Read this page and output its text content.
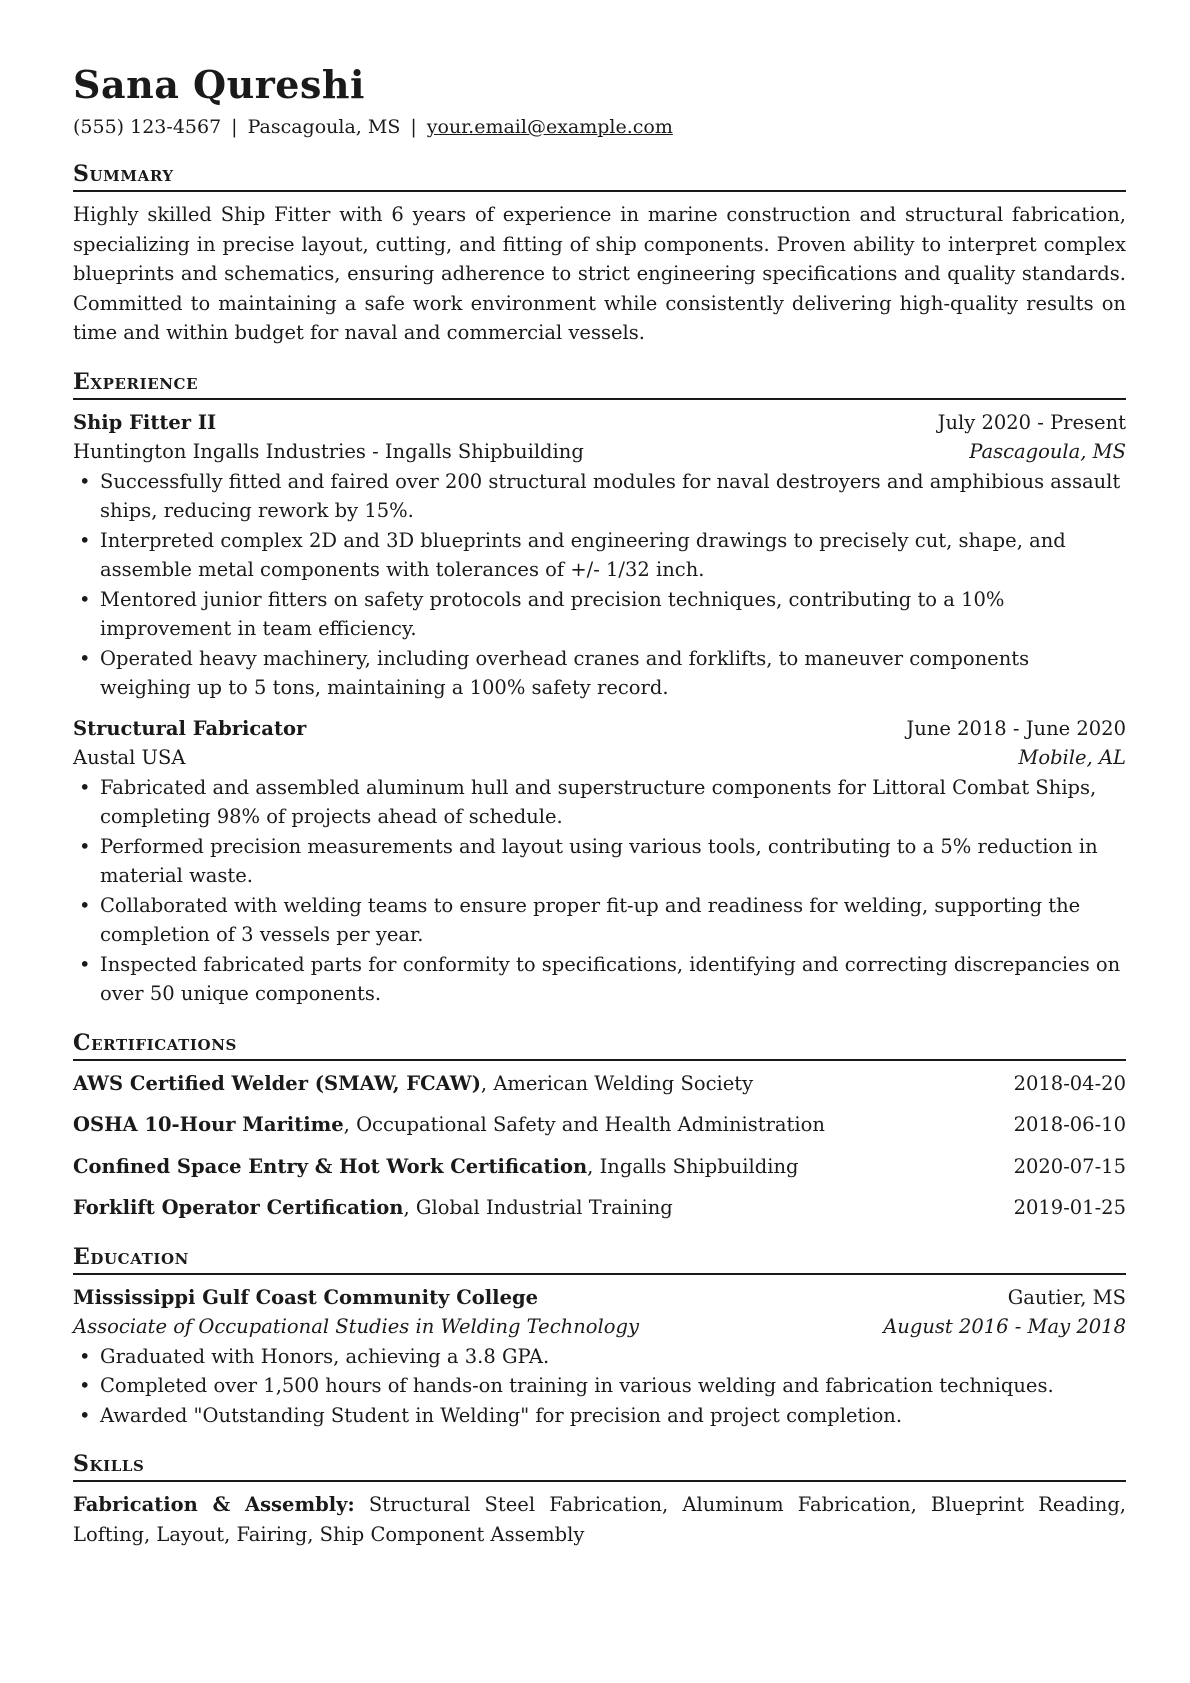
Sana Qureshi
(555) 123-4567 | Pascagoula, MS | your.email@example.com
Summary
Highly skilled Ship Fitter with 6 years of experience in marine construction and structural fabrication, specializing in precise layout, cutting, and fitting of ship components. Proven ability to interpret complex blueprints and schematics, ensuring adherence to strict engineering specifications and quality standards. Committed to maintaining a safe work environment while consistently delivering high-quality results on time and within budget for naval and commercial vessels.
Experience
Ship Fitter II	July 2020 - Present
Huntington Ingalls Industries - Ingalls Shipbuilding	Pascagoula, MS
• Successfully fitted and faired over 200 structural modules for naval destroyers and amphibious assault ships, reducing rework by 15%.
• Interpreted complex 2D and 3D blueprints and engineering drawings to precisely cut, shape, and assemble metal components with tolerances of +/- 1/32 inch.
• Mentored junior fitters on safety protocols and precision techniques, contributing to a 10% improvement in team efficiency.
• Operated heavy machinery, including overhead cranes and forklifts, to maneuver components weighing up to 5 tons, maintaining a 100% safety record.
Structural Fabricator	June 2018 - June 2020
Austal USA	Mobile, AL
• Fabricated and assembled aluminum hull and superstructure components for Littoral Combat Ships, completing 98% of projects ahead of schedule.
• Performed precision measurements and layout using various tools, contributing to a 5% reduction in material waste.
• Collaborated with welding teams to ensure proper fit-up and readiness for welding, supporting the completion of 3 vessels per year.
• Inspected fabricated parts for conformity to specifications, identifying and correcting discrepancies on over 50 unique components.
Certifications
AWS Certified Welder (SMAW, FCAW), American Welding Society	2018-04-20
OSHA 10-Hour Maritime, Occupational Safety and Health Administration	2018-06-10
Confined Space Entry & Hot Work Certification, Ingalls Shipbuilding	2020-07-15
Forklift Operator Certification, Global Industrial Training	2019-01-25
Education
Mississippi Gulf Coast Community College	Gautier, MS
Associate of Occupational Studies in Welding Technology	August 2016 - May 2018
• Graduated with Honors, achieving a 3.8 GPA.
• Completed over 1,500 hours of hands-on training in various welding and fabrication techniques.
• Awarded "Outstanding Student in Welding" for precision and project completion.
Skills
Fabrication & Assembly: Structural Steel Fabrication, Aluminum Fabrication, Blueprint Reading, Lofting, Layout, Fairing, Ship Component Assembly
